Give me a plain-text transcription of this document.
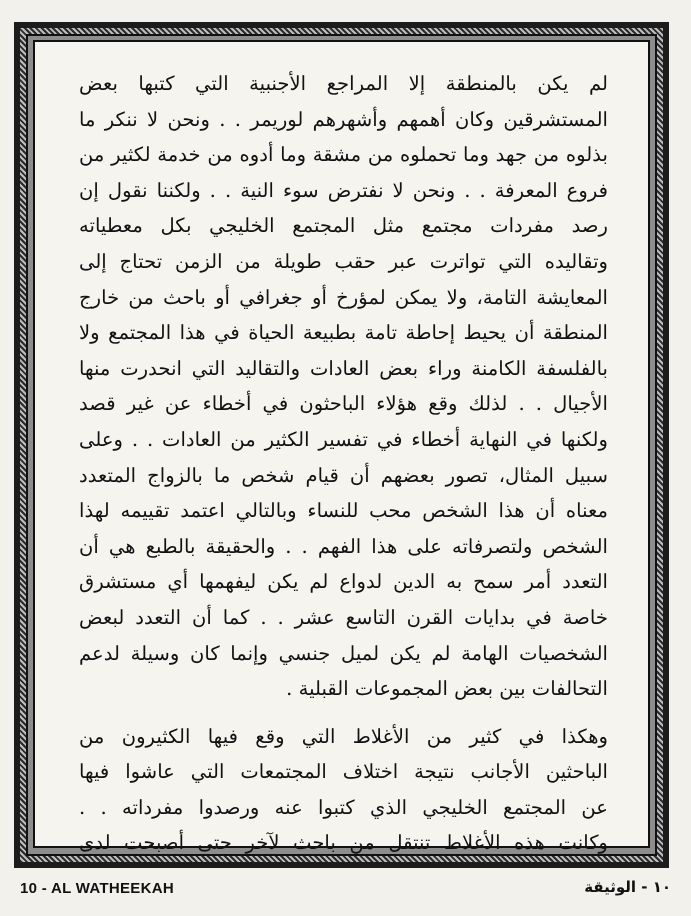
لم يكن بالمنطقة إلا المراجع الأجنبية التي كتبها بعض
المستشرقين وكان أهمهم وأشهرهم لوريمر . . ونحن لا ننكر ما
بذلوه من جهد وما تحملوه من مشقة وما أدوه من خدمة لكثير من
فروع المعرفة . . ونحن لا نفترض سوء النية . . ولكننا نقول إن
رصد مفردات مجتمع مثل المجتمع الخليجي بكل معطياته
وتقاليده التي تواترت عبر حقب طويلة من الزمن تحتاج إلى
المعايشة التامة، ولا يمكن لمؤرخ أو جغرافي أو باحث من خارج
المنطقة أن يحيط إحاطة تامة بطبيعة الحياة في هذا المجتمع ولا
بالفلسفة الكامنة وراء بعض العادات والتقاليد التي انحدرت منها
الأجيال . . لذلك وقع هؤلاء الباحثون في أخطاء عن غير قصد
ولكنها في النهاية أخطاء في تفسير الكثير من العادات . . وعلى
سبيل المثال، تصور بعضهم أن قيام شخص ما بالزواج المتعدد
معناه أن هذا الشخص محب للنساء وبالتالي اعتمد تقييمه لهذا
الشخص ولتصرفاته على هذا الفهم . . والحقيقة بالطبع هي أن
التعدد أمر سمح به الدين لدواع لم يكن ليفهمها أي مستشرق
خاصة في بدايات القرن التاسع عشر . . كما أن التعدد لبعض
الشخصيات الهامة لم يكن لميل جنسي وإنما كان وسيلة لدعم
التحالفات بين بعض المجموعات القبلية .
وهكذا في كثير من الأغلاط التي وقع فيها الكثيرون من
الباحثين الأجانب نتيجة اختلاف المجتمعات التي عاشوا فيها
عن المجتمع الخليجي الذي كتبوا عنه ورصدوا مفرداته . .
وكانت هذه الأغلاط تنتقل من باحث لآخر حتى أصبحت لدى
10 - AL WATHEEKAH	١٠ - الوثيقة
